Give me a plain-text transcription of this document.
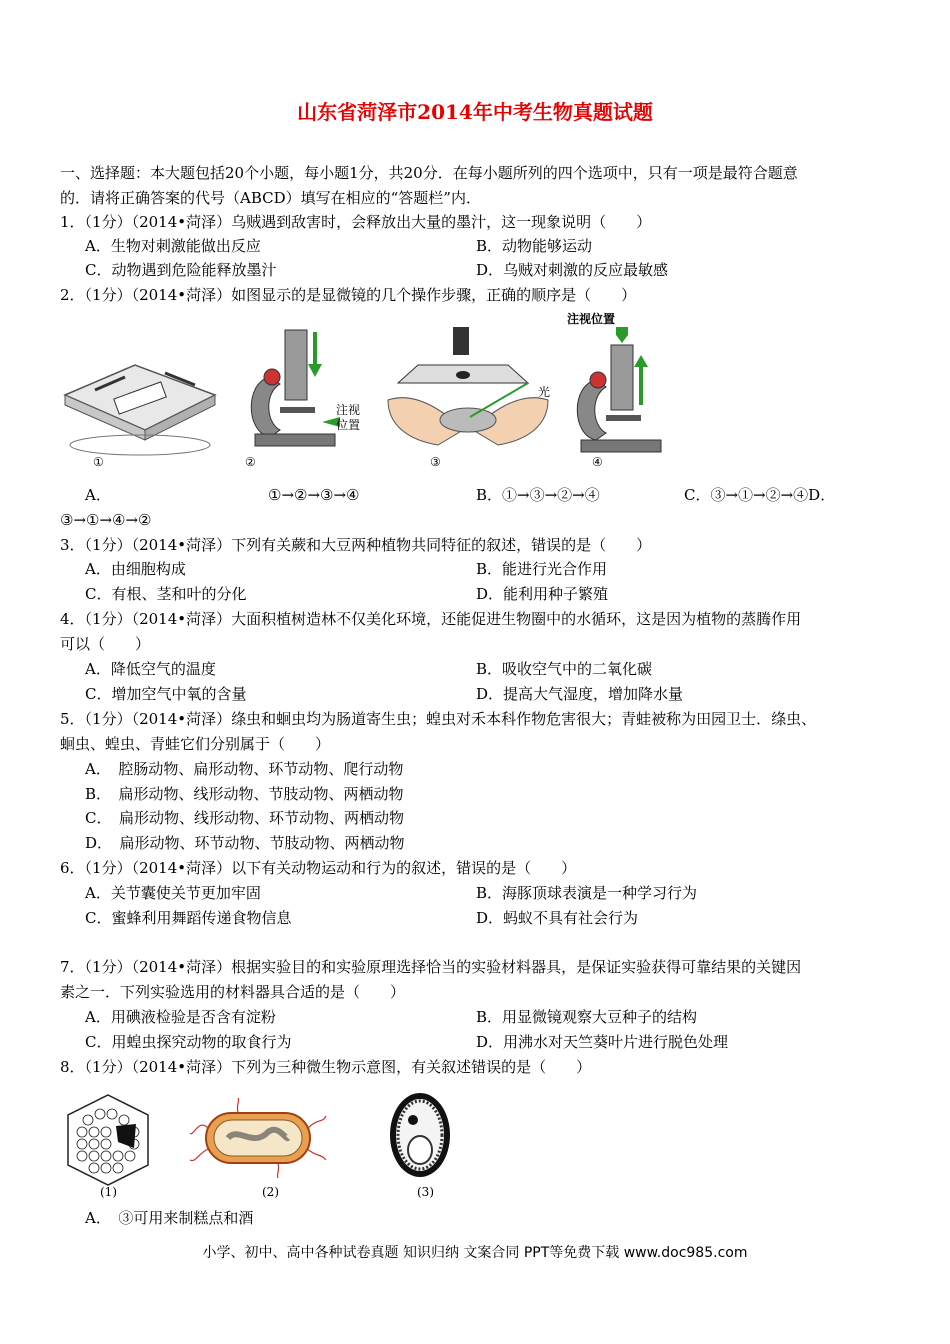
山东省菏泽市2014年中考生物真题试题
一、选择题：本大题包括20个小题，每小题1分，共20分．在每小题所列的四个选项中，只有一项是最符合题意
的．请将正确答案的代号（ABCD）填写在相应的“答题栏”内．
1．（1分）（2014•菏泽）乌贼遇到敌害时，会释放出大量的墨汁，这一现象说明（　　）
A．生物对刺激能做出反应	B．动物能够运动
C．动物遇到危险能释放墨汁	D．乌贼对刺激的反应最敏感
2．（1分）（2014•菏泽）如图显示的是显微镜的几个操作步骤，正确的顺序是（　　）
①
注视
位置
②
光
③
注视位置
④
A．	①→②→③→④	B．①→③→②→④	C．③→①→②→④D．
③→①→④→②
3．（1分）（2014•菏泽）下列有关蕨和大豆两种植物共同特征的叙述，错误的是（　　）
A．由细胞构成	B．能进行光合作用
C．有根、茎和叶的分化	D．能利用种子繁殖
4．（1分）（2014•菏泽）大面积植树造林不仅美化环境，还能促进生物圈中的水循环，这是因为植物的蒸腾作用
可以（　　）
A．降低空气的温度	B．吸收空气中的二氧化碳
C．增加空气中氧的含量	D．提高大气湿度，增加降水量
5．（1分）（2014•菏泽）绦虫和蛔虫均为肠道寄生虫；蝗虫对禾本科作物危害很大；青蛙被称为田园卫士．绦虫、
蛔虫、蝗虫、青蛙它们分别属于（　　）
A．　腔肠动物、扁形动物、环节动物、爬行动物
B．　扁形动物、线形动物、节肢动物、两栖动物
C．　扁形动物、线形动物、环节动物、两栖动物
D．　扁形动物、环节动物、节肢动物、两栖动物
6．（1分）（2014•菏泽）以下有关动物运动和行为的叙述，错误的是（　　）
A．关节囊使关节更加牢固	B．海豚顶球表演是一种学习行为
C．蜜蜂利用舞蹈传递食物信息	D．蚂蚁不具有社会行为
7．（1分）（2014•菏泽）根据实验目的和实验原理选择恰当的实验材料器具，是保证实验获得可靠结果的关键因
素之一．下列实验选用的材料器具合适的是（　　）
A．用碘液检验是否含有淀粉	B．用显微镜观察大豆种子的结构
C．用蝗虫探究动物的取食行为	D．用沸水对天竺葵叶片进行脱色处理
8．（1分）（2014•菏泽）下列为三种微生物示意图，有关叙述错误的是（　　）
(1)	(2)	(3)
A．　③可用来制糕点和酒
小学、初中、高中各种试卷真题 知识归纳 文案合同 PPT等免费下载 www.doc985.com
